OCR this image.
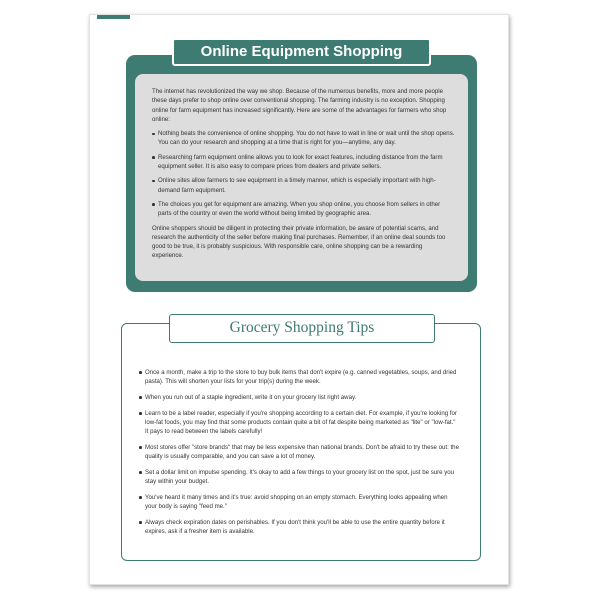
Online Equipment Shopping

The internet has revolutionized the way we shop. Because of the numerous benefits, more and more people these days prefer to shop online over conventional shopping. The farming industry is no exception. Shopping online for farm equipment has increased significantly. Here are some of the advantages for farmers who shop online:

Nothing beats the convenience of online shopping. You do not have to wait in line or wait until the shop opens. You can do your research and shopping at a time that is right for you—anytime, any day.
Researching farm equipment online allows you to look for exact features, including distance from the farm equipment seller. It is also easy to compare prices from dealers and private sellers.
Online sites allow farmers to see equipment in a timely manner, which is especially important with high-demand farm equipment.
The choices you get for equipment are amazing. When you shop online, you choose from sellers in other parts of the country or even the world without being limited by geographic area.

Online shoppers should be diligent in protecting their private information, be aware of potential scams, and research the authenticity of the seller before making final purchases. Remember, if an online deal sounds too good to be true, it is probably suspicious. With responsible care, online shopping can be a rewarding experience.

Grocery Shopping Tips
Once a month, make a trip to the store to buy bulk items that don't expire (e.g. canned vegetables, soups, and dried pasta). This will shorten your lists for your trip(s) during the week.
When you run out of a staple ingredient, write it on your grocery list right away.
Learn to be a label reader, especially if you're shopping according to a certain diet. For example, if you're looking for low-fat foods, you may find that some products contain quite a bit of fat despite being marketed as "lite" or "low-fat." It pays to read between the labels carefully!
Most stores offer "store brands" that may be less expensive than national brands. Don't be afraid to try these out: the quality is usually comparable, and you can save a lot of money.
Set a dollar limit on impulse spending. It's okay to add a few things to your grocery list on the spot, just be sure you stay within your budget.
You've heard it many times and it's true: avoid shopping on an empty stomach. Everything looks appealing when your body is saying "feed me."
Always check expiration dates on perishables. If you don't think you'll be able to use the entire quantity before it expires, ask if a fresher item is available.
